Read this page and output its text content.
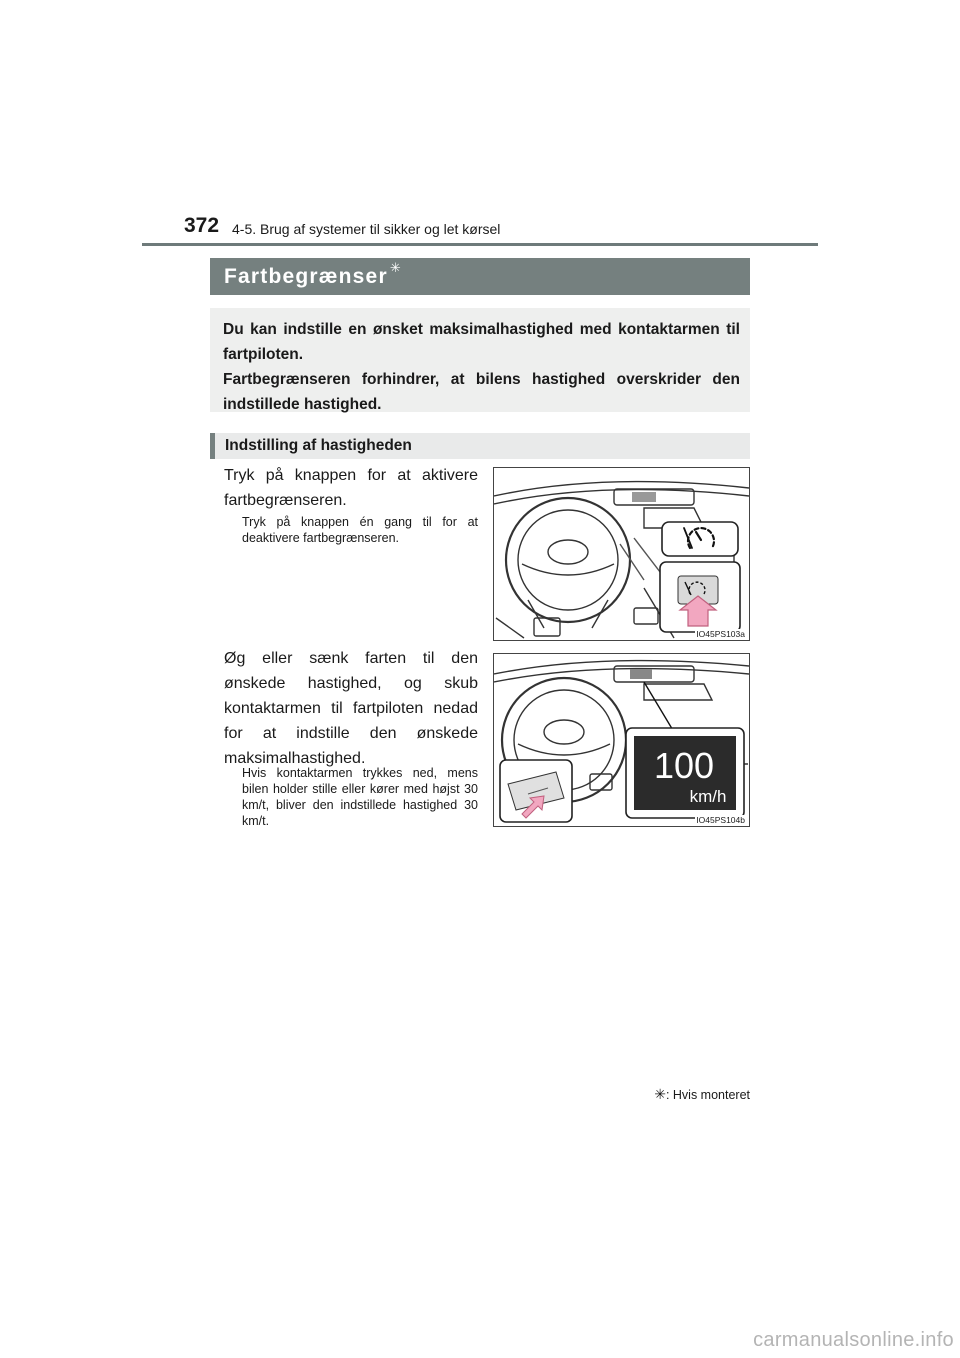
372 4-5. Brug af systemer til sikker og let kørsel
Fartbegrænser ✳

Du kan indstille en ønsket maksimalhastighed med kontaktarmen til fartpiloten.

Fartbegrænseren forhindrer, at bilens hastighed overskrider den indstillede hastighed.

Indstilling af hastigheden
Tryk på knappen for at aktivere fartbegrænseren.
Tryk på knappen én gang til for at deaktivere fartbegrænseren.
IO45PS103a
Øg eller sænk farten til den ønskede hastighed, og skub kontaktarmen til fartpiloten nedad for at indstille den ønskede maksimalhastighed.
Hvis kontaktarmen trykkes ned, mens bilen holder stille eller kører med højst 30 km/t, bliver den indstillede hastighed 30 km/t.
100
km/h
IO45PS104b
✳: Hvis monteret
carmanualsonline.info
